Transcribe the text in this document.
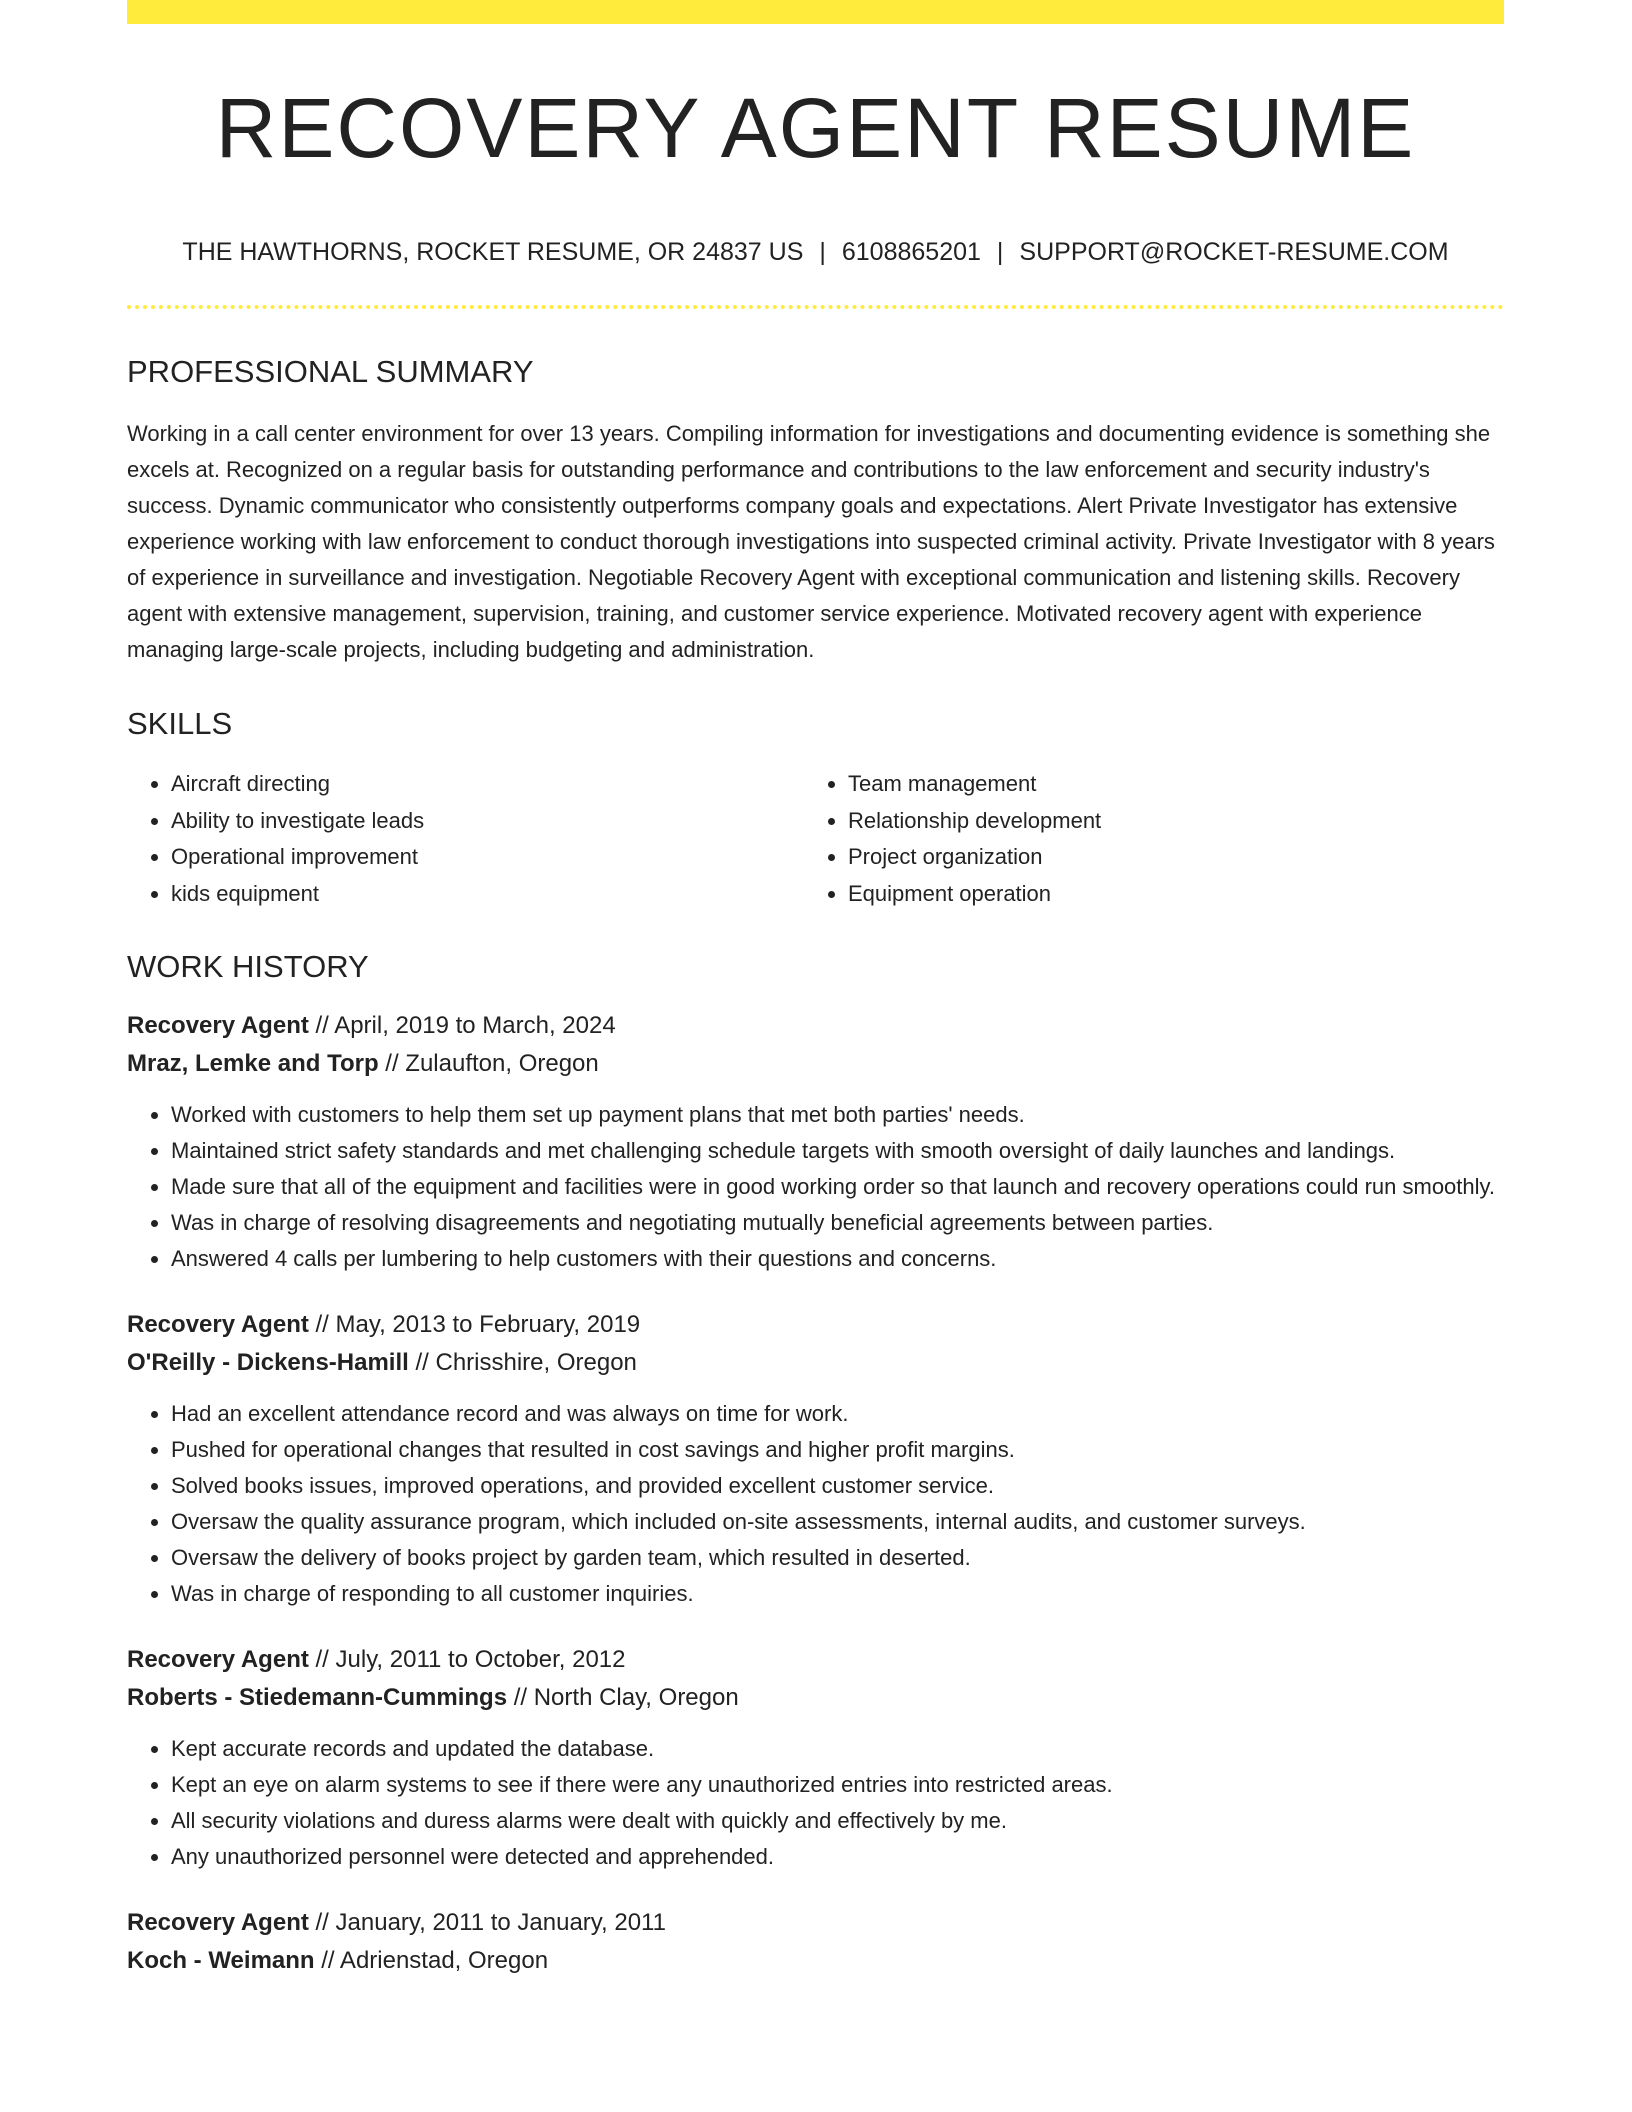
RECOVERY AGENT RESUME
THE HAWTHORNS, ROCKET RESUME, OR 24837 US | 6108865201 | SUPPORT@ROCKET-RESUME.COM
PROFESSIONAL SUMMARY
Working in a call center environment for over 13 years. Compiling information for investigations and documenting evidence is something she excels at. Recognized on a regular basis for outstanding performance and contributions to the law enforcement and security industry's success. Dynamic communicator who consistently outperforms company goals and expectations. Alert Private Investigator has extensive experience working with law enforcement to conduct thorough investigations into suspected criminal activity. Private Investigator with 8 years of experience in surveillance and investigation. Negotiable Recovery Agent with exceptional communication and listening skills. Recovery agent with extensive management, supervision, training, and customer service experience. Motivated recovery agent with experience managing large-scale projects, including budgeting and administration.
SKILLS
• Aircraft directing
• Ability to investigate leads
• Operational improvement
• kids equipment
• Team management
• Relationship development
• Project organization
• Equipment operation
WORK HISTORY
Recovery Agent // April, 2019 to March, 2024
Mraz, Lemke and Torp // Zulaufton, Oregon
• Worked with customers to help them set up payment plans that met both parties' needs.
• Maintained strict safety standards and met challenging schedule targets with smooth oversight of daily launches and landings.
• Made sure that all of the equipment and facilities were in good working order so that launch and recovery operations could run smoothly.
• Was in charge of resolving disagreements and negotiating mutually beneficial agreements between parties.
• Answered 4 calls per lumbering to help customers with their questions and concerns.
Recovery Agent // May, 2013 to February, 2019
O'Reilly - Dickens-Hamill // Chrisshire, Oregon
• Had an excellent attendance record and was always on time for work.
• Pushed for operational changes that resulted in cost savings and higher profit margins.
• Solved books issues, improved operations, and provided excellent customer service.
• Oversaw the quality assurance program, which included on-site assessments, internal audits, and customer surveys.
• Oversaw the delivery of books project by garden team, which resulted in deserted.
• Was in charge of responding to all customer inquiries.
Recovery Agent // July, 2011 to October, 2012
Roberts - Stiedemann-Cummings // North Clay, Oregon
• Kept accurate records and updated the database.
• Kept an eye on alarm systems to see if there were any unauthorized entries into restricted areas.
• All security violations and duress alarms were dealt with quickly and effectively by me.
• Any unauthorized personnel were detected and apprehended.
Recovery Agent // January, 2011 to January, 2011
Koch - Weimann // Adrienstad, Oregon
